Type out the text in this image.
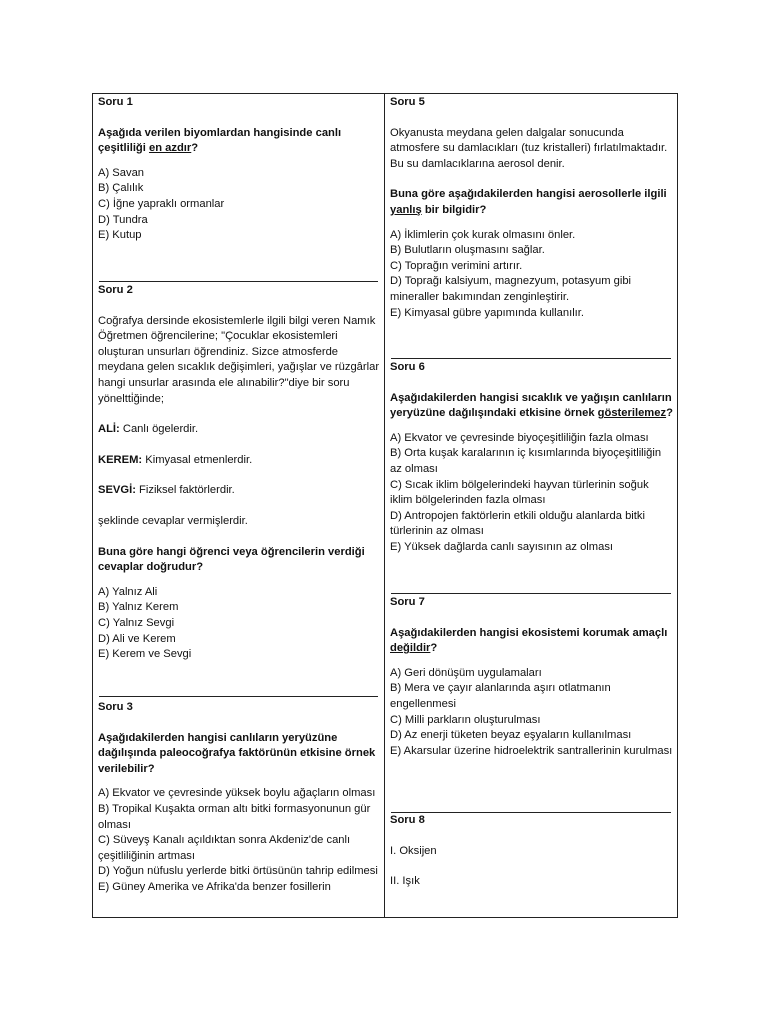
Soru 1

Aşağıda verilen biyomlardan hangisinde canlı çeşitliliği en azdır?

A) Savan
B) Çalılık
C) İğne yapraklı ormanlar
D) Tundra
E) Kutup

Soru 2

Coğrafya dersinde ekosistemlerle ilgili bilgi veren Namık Öğretmen öğrencilerine; "Çocuklar ekosistemleri oluşturan unsurları öğrendiniz. Sizce atmosferde meydana gelen sıcaklık değişimleri, yağışlar ve rüzgârlar hangi unsurlar arasında ele alınabilir?"diye bir soru yöneltti̇ğinde;

ALİ: Canlı ögelerdir.

KEREM: Kimyasal etmenlerdir.

SEVGİ: Fiziksel faktörlerdir.

şeklinde cevaplar vermişlerdir.

Buna göre hangi öğrenci veya öğrencilerin verdiği cevaplar doğrudur?

A) Yalnız Ali
B) Yalnız Kerem
C) Yalnız Sevgi
D) Ali ve Kerem
E) Kerem ve Sevgi

Soru 3

Aşağıdakilerden hangisi canlıların yeryüzüne dağılışında paleocoğrafya faktörünün etkisine örnek verilebilir?

A) Ekvator ve çevresinde yüksek boylu ağaçların olması
B) Tropikal Kuşakta orman altı bitki formasyonunun gür olması
C) Süveyş Kanalı açıldıktan sonra Akdeniz'de canlı çeşitliliğinin artması
D) Yoğun nüfuslu yerlerde bitki örtüsünün tahrip edilmesi
E) Güney Amerika ve Afrika'da benzer fosillerin

Soru 5

Okyanusta meydana gelen dalgalar sonucunda atmosfere su damlacıkları (tuz kristalleri) fırlatılmaktadır. Bu su damlacıklarına aerosol denir.

Buna göre aşağıdakilerden hangisi aerosollerle ilgili yanlış bir bilgidir?

A) İklimlerin çok kurak olmasını önler.
B) Bulutların oluşmasını sağlar.
C) Toprağın verimini artırır.
D) Toprağı kalsiyum, magnezyum, potasyum gibi mineraller bakımından zenginleştirir.
E) Kimyasal gübre yapımında kullanılır.

Soru 6

Aşağıdakilerden hangisi sıcaklık ve yağışın canlıların yeryüzüne dağılışındaki etkisine örnek gösterilemez?

A) Ekvator ve çevresinde biyoçeşitliliğin fazla olması
B) Orta kuşak karalarının iç kısımlarında biyoçeşitliliğin az olması
C) Sıcak iklim bölgelerindeki hayvan türlerinin soğuk iklim bölgelerinden fazla olması
D) Antropojen faktörlerin etkili olduğu alanlarda bitki türlerinin az olması
E) Yüksek dağlarda canlı sayısının az olması

Soru 7

Aşağıdakilerden hangisi ekosistemi korumak amaçlı değildir?

A) Geri dönüşüm uygulamaları
B) Mera ve çayır alanlarında aşırı otlatmanın engellenmesi
C) Milli parkların oluşturulması
D) Az enerji tüketen beyaz eşyaların kullanılması
E) Akarsular üzerine hidroelektrik santrallerinin kurulması

Soru 8

I. Oksijen

II. Işık
